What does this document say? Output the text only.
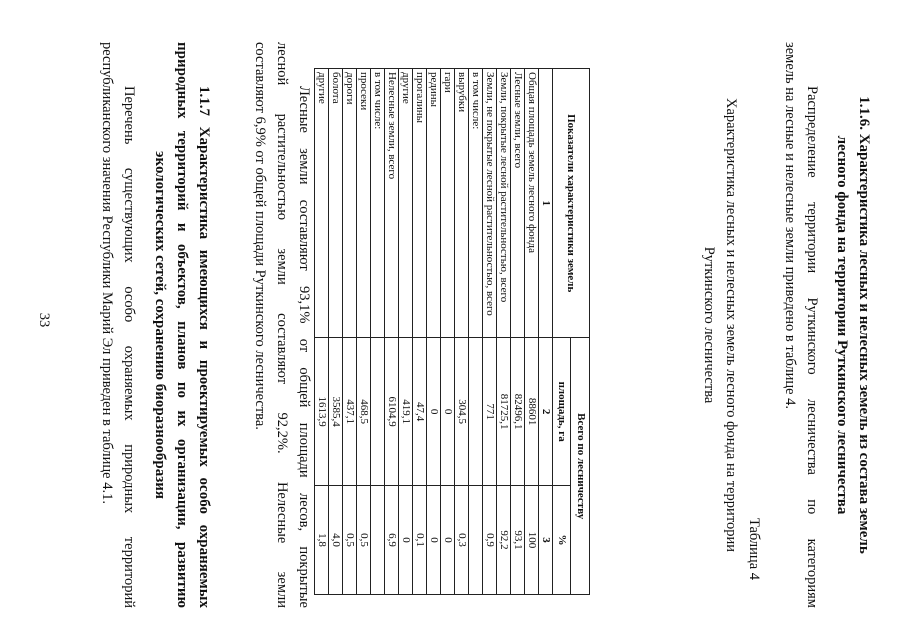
1.1.6. Характеристика лесных и нелесных земель из состава земель
лесного фонда на территории Руткинского лесничества
Распределение территории Руткинского лесничества по категориям
земель на лесные и нелесные земли приведено в таблице 4.
Таблица 4
Характеристика лесных и нелесных земель лесного фонда на территории
Руткинского лесничества
Показатели характеристики земель	Всего по лесничеству	
	площадь, га	%
1	2	3
Общая площадь земель лесного фонда	88601	100
Лесные земли, всего	82496,1	93,1
Земли, покрытые лесной растительностью, всего	81725,1	92,2
Земли, не покрытые лесной растительностью, всего	771	0,9
в том числе:		
вырубки	304,5	0,3
гари	0	0
редины	0	0
прогалины	47,4	0,1
другие	419,1	0
Нелесные земли, всего	6104,9	6,9
в том числе:		
просеки	468,5	0,5
дороги	437,1	0,5
болота	3585,4	4,0
другие	1613,9	1,8
Лесные земли составляют 93,1% от общей площади лесов, покрытые
лесной растительностью земли составляют 92,2%. Нелесные земли
составляют 6,9% от общей площади Руткинского лесничества.
1.1.7 Характеристика имеющихся и проектируемых особо охраняемых
природных территорий и объектов, планов по их организации, развитию
экологических сетей, сохранению биоразнообразия
Перечень существующих особо охраняемых природных территорий
республиканского значения Республики Марий Эл приведен в таблице 4.1.
33
